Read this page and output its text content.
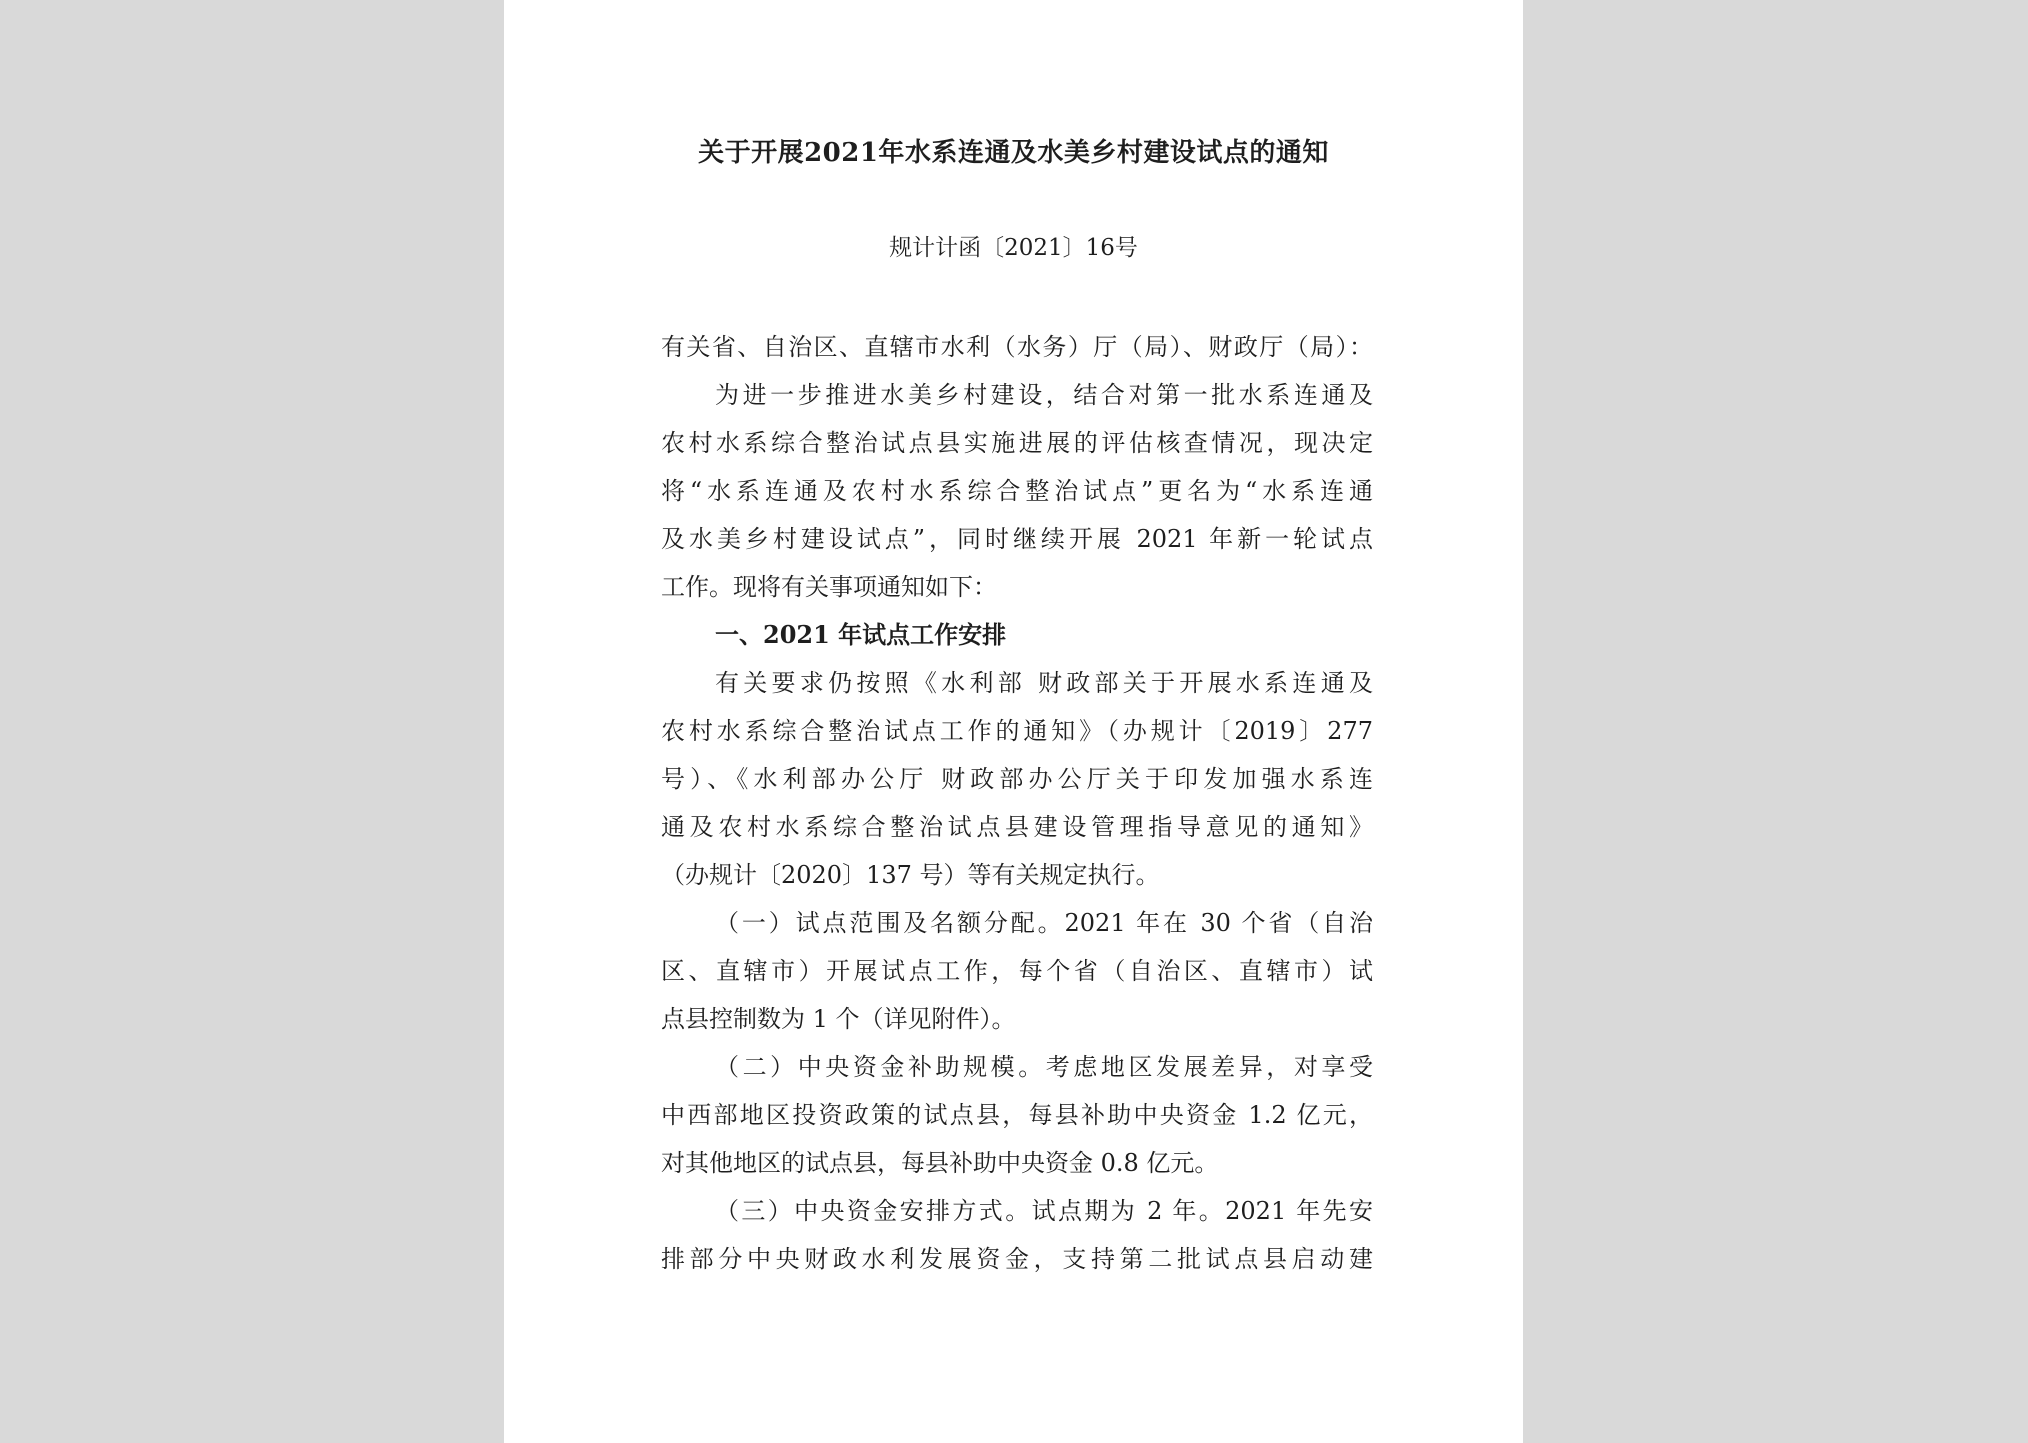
关于开展2021年水系连通及水美乡村建设试点的通知
规计计函〔2021〕16号
有关省、自治区、直辖市水利（水务）厅（局）、财政厅（局）：
为进一步推进水美乡村建设，结合对第一批水系连通及
农村水系综合整治试点县实施进展的评估核查情况，现决定
将“水系连通及农村水系综合整治试点”更名为“水系连通
及水美乡村建设试点”，同时继续开展 2021 年新一轮试点
工作。现将有关事项通知如下：
一、2021 年试点工作安排
有关要求仍按照《水利部 财政部关于开展水系连通及
农村水系综合整治试点工作的通知》（办规计〔2019〕277
号）、《水利部办公厅 财政部办公厅关于印发加强水系连
通及农村水系综合整治试点县建设管理指导意见的通知》
（办规计〔2020〕137 号）等有关规定执行。
（一）试点范围及名额分配。2021 年在 30 个省（自治
区、直辖市）开展试点工作，每个省（自治区、直辖市）试
点县控制数为 1 个（详见附件）。
（二）中央资金补助规模。考虑地区发展差异，对享受
中西部地区投资政策的试点县，每县补助中央资金 1.2 亿元，
对其他地区的试点县，每县补助中央资金 0.8 亿元。
（三）中央资金安排方式。试点期为 2 年。2021 年先安
排部分中央财政水利发展资金，支持第二批试点县启动建
